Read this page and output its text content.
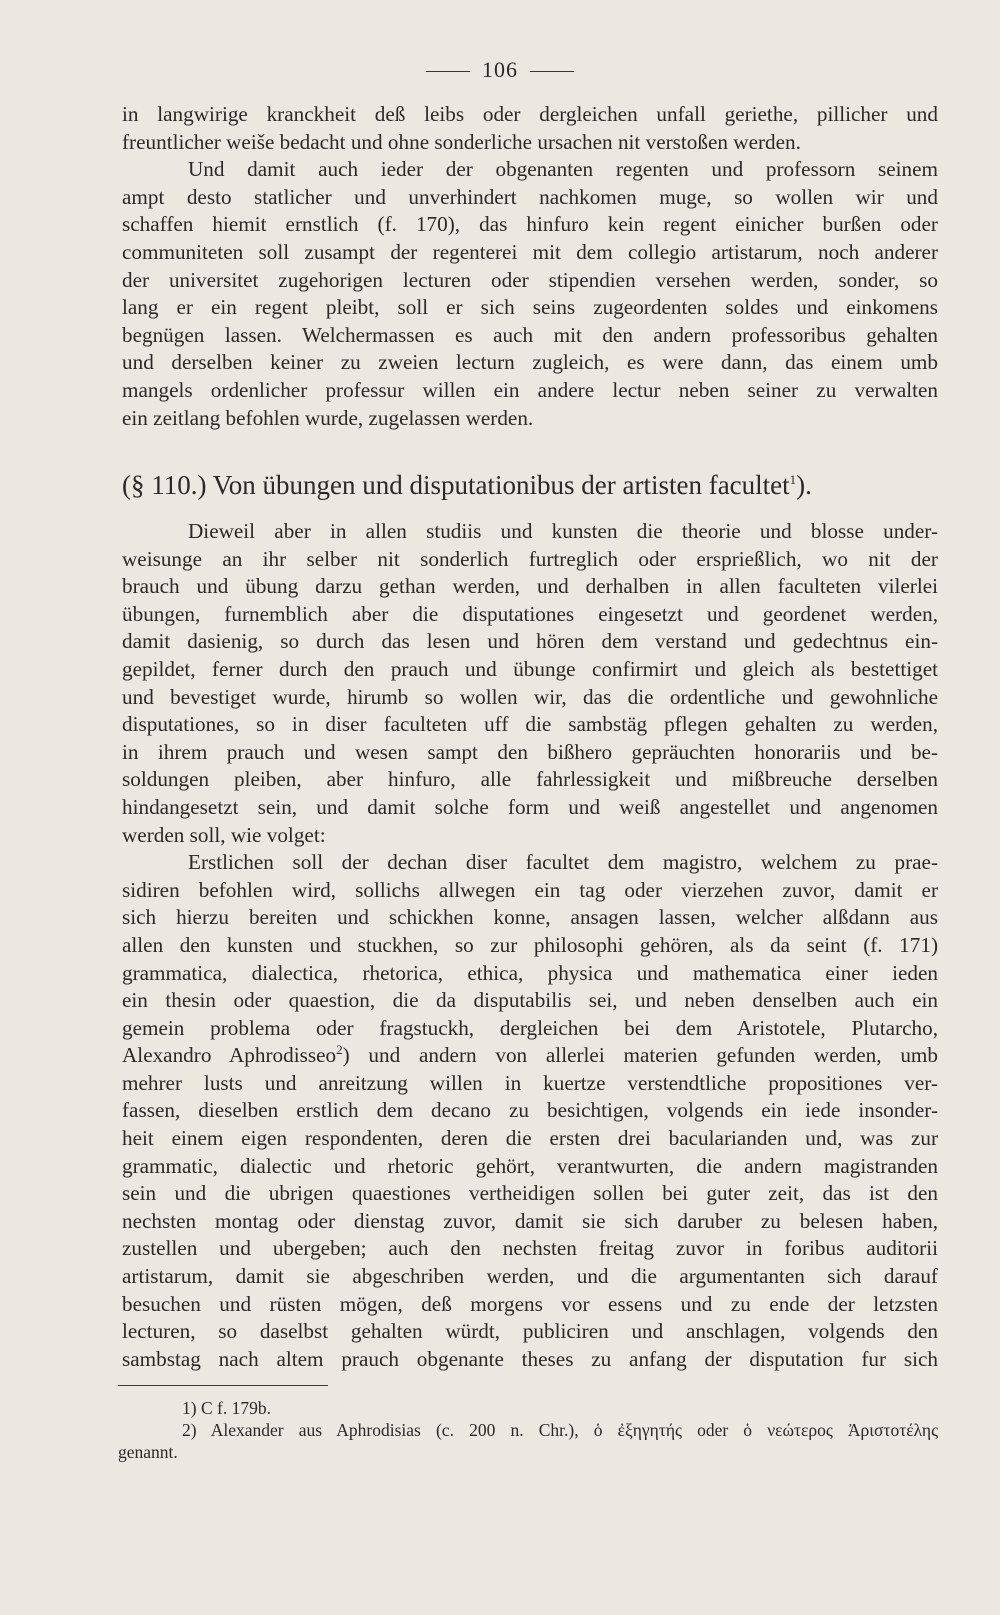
106
in langwirige kranckheit deß leibs oder dergleichen unfall geriethe, pillicher und
freuntlicher weiše bedacht und ohne sonderliche ursachen nit verstoßen werden.
Und damit auch ieder der obgenanten regenten und professorn seinem
ampt desto statlicher und unverhindert nachkomen muge, so wollen wir und
schaffen hiemit ernstlich (f. 170), das hinfuro kein regent einicher burßen oder
communiteten soll zusampt der regenterei mit dem collegio artistarum, noch anderer
der universitet zugehorigen lecturen oder stipendien versehen werden, sonder, so
lang er ein regent pleibt, soll er sich seins zugeordenten soldes und einkomens
begnügen lassen. Welchermassen es auch mit den andern professoribus gehalten
und derselben keiner zu zweien lecturn zugleich, es were dann, das einem umb
mangels ordenlicher professur willen ein andere lectur neben seiner zu verwalten
ein zeitlang befohlen wurde, zugelassen werden.
(§ 110.) Von übungen und disputationibus der artisten facultet$^1$).
Dieweil aber in allen studiis und kunsten die theorie und blosse under-
weisunge an ihr selber nit sonderlich furtreglich oder ersprießlich, wo nit der
brauch und übung darzu gethan werden, und derhalben in allen faculteten vilerlei
übungen, furnemblich aber die disputationes eingesetzt und geordenet werden,
damit dasienig, so durch das lesen und hören dem verstand und gedechtnus ein-
gepildet, ferner durch den prauch und übunge confirmirt und gleich als bestettiget
und bevestiget wurde, hirumb so wollen wir, das die ordentliche und gewohnliche
disputationes, so in diser faculteten uff die sambstäg pflegen gehalten zu werden,
in ihrem prauch und wesen sampt den bißhero gepräuchten honorariis und be-
soldungen pleiben, aber hinfuro, alle fahrlessigkeit und mißbreuche derselben
hindangesetzt sein, und damit solche form und weiß angestellet und angenomen
werden soll, wie volget:
Erstlichen soll der dechan diser facultet dem magistro, welchem zu prae-
sidiren befohlen wird, sollichs allwegen ein tag oder vierzehen zuvor, damit er
sich hierzu bereiten und schickhen konne, ansagen lassen, welcher alßdann aus
allen den kunsten und stuckhen, so zur philosophi gehören, als da seint (f. 171)
grammatica, dialectica, rhetorica, ethica, physica und mathematica einer ieden
ein thesin oder quaestion, die da disputabilis sei, und neben denselben auch ein
gemein problema oder fragstuckh, dergleichen bei dem Aristotele, Plutarcho,
Alexandro Aphrodisseo$^2$) und andern von allerlei materien gefunden werden, umb
mehrer lusts und anreitzung willen in kuertze verstendtliche propositiones ver-
fassen, dieselben erstlich dem decano zu besichtigen, volgends ein iede insonder-
heit einem eigen respondenten, deren die ersten drei bacularianden und, was zur
grammatic, dialectic und rhetoric gehört, verantwurten, die andern magistranden
sein und die ubrigen quaestiones vertheidigen sollen bei guter zeit, das ist den
nechsten montag oder dienstag zuvor, damit sie sich daruber zu belesen haben,
zustellen und ubergeben; auch den nechsten freitag zuvor in foribus auditorii
artistarum, damit sie abgeschriben werden, und die argumentanten sich darauf
besuchen und rüsten mögen, deß morgens vor essens und zu ende der letzsten
lecturen, so daselbst gehalten würdt, publiciren und anschlagen, volgends den
sambstag nach altem prauch obgenante theses zu anfang der disputation fur sich
1) C f. 179b.
2) Alexander aus Aphrodisias (c. 200 n. Chr.), ὁ ἐξηγητής oder ὁ νεώτερος Ἀριστοτέλης
genannt.
